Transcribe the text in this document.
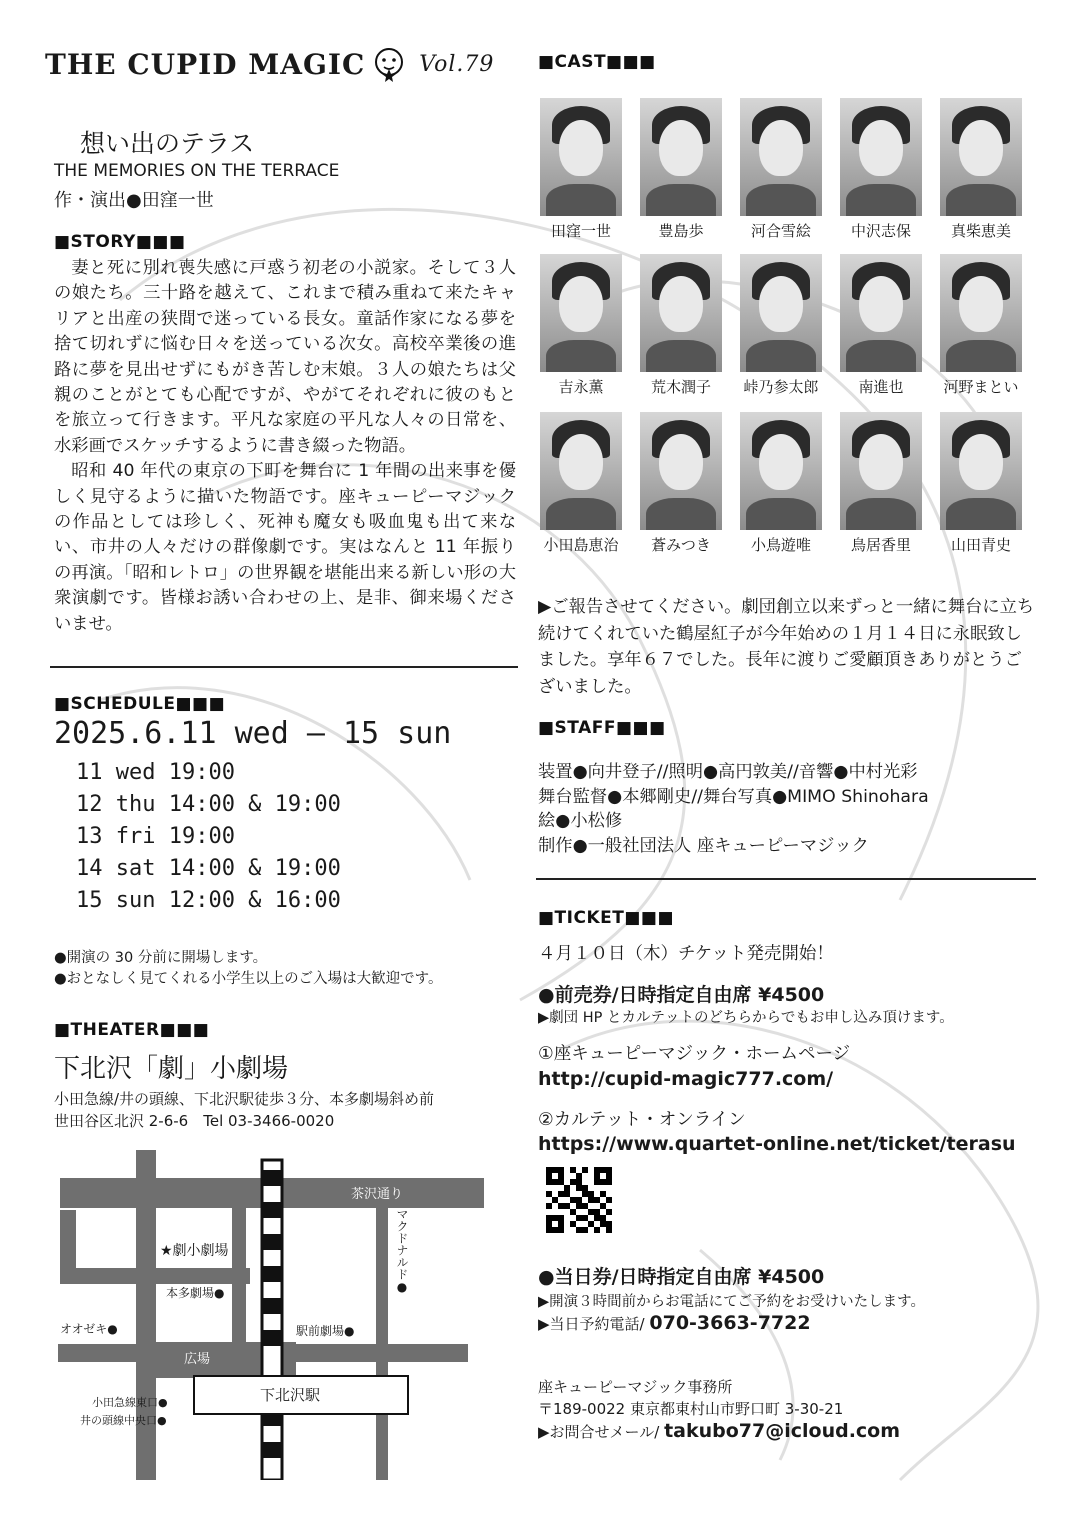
THE CUPID MAGIC Vol.79
想い出のテラス
THE MEMORIES ON THE TERRACE
作・演出●田窪一世
■STORY■■■

妻と死に別れ喪失感に戸惑う初老の小説家。そして３人の娘たち。三十路を越えて、これまで積み重ねて来たキャリアと出産の狭間で迷っている長女。童話作家になる夢を捨て切れずに悩む日々を送っている次女。高校卒業後の進路に夢を見出せずにもがき苦しむ末娘。３人の娘たちは父親のことがとても心配ですが、やがてそれぞれに彼のもとを旅立って行きます。平凡な家庭の平凡な人々の日常を、水彩画でスケッチするように書き綴った物語。

昭和 40 年代の東京の下町を舞台に 1 年間の出来事を優しく見守るように描いた物語です。座キューピーマジックの作品としては珍しく、死神も魔女も吸血鬼も出て来ない、市井の人々だけの群像劇です。実はなんと 11 年振りの再演。「昭和レトロ」の世界観を堪能出来る新しい形の大衆演劇です。皆様お誘い合わせの上、是非、御来場くださいませ。

■SCHEDULE■■■
2025.6.11 wed – 15 sun
11 wed 19:00
12 thu 14:00 & 19:00
13 fri 19:00
14 sat 14:00 & 19:00
15 sun 12:00 & 16:00
●開演の 30 分前に開場します。
●おとなしく見てくれる小学生以上のご入場は大歓迎です。
■THEATER■■■
下北沢「劇」小劇場
小田急線/井の頭線、下北沢駅徒歩３分、本多劇場斜め前
世田谷区北沢 2-6-6　Tel 03-3466-0020
茶沢通り
★劇小劇場
本多劇場●
オオゼキ●	駅前劇場●
マクドナルド●
広場
小田急線東口●
井の頭線中央口●
下北沢駅
■CAST■■■
田窪一世	豊島歩	河合雪絵	中沢志保	真柴恵美
吉永薫	荒木潤子	峠乃参太郎	南進也	河野まとい
小田島恵治	蒼みつき	小鳥遊唯	鳥居香里	山田青史
▶ご報告させてください。劇団創立以来ずっと一緒に舞台に立ち続けてくれていた鶴屋紅子が今年始めの１月１４日に永眠致しました。享年６７でした。長年に渡りご愛顧頂きありがとうございました。
■STAFF■■■
装置●向井登子//照明●高円敦美//音響●中村光彩
舞台監督●本郷剛史//舞台写真●MIMO Shinohara
絵●小松修
制作●一般社団法人 座キューピーマジック
■TICKET■■■
４月１０日（木）チケット発売開始！
●前売券/日時指定自由席 ¥4500
▶劇団 HP とカルテットのどちらからでもお申し込み頂けます。
①座キューピーマジック・ホームページ
http://cupid-magic777.com/
②カルテット・オンライン
https://www.quartet-online.net/ticket/terasu
●当日券/日時指定自由席 ¥4500
▶開演３時間前からお電話にてご予約をお受けいたします。
▶当日予約電話/ 070-3663-7722
座キューピーマジック事務所
〒189-0022 東京都東村山市野口町 3-30-21
▶お問合せメール/ takubo77@icloud.com
